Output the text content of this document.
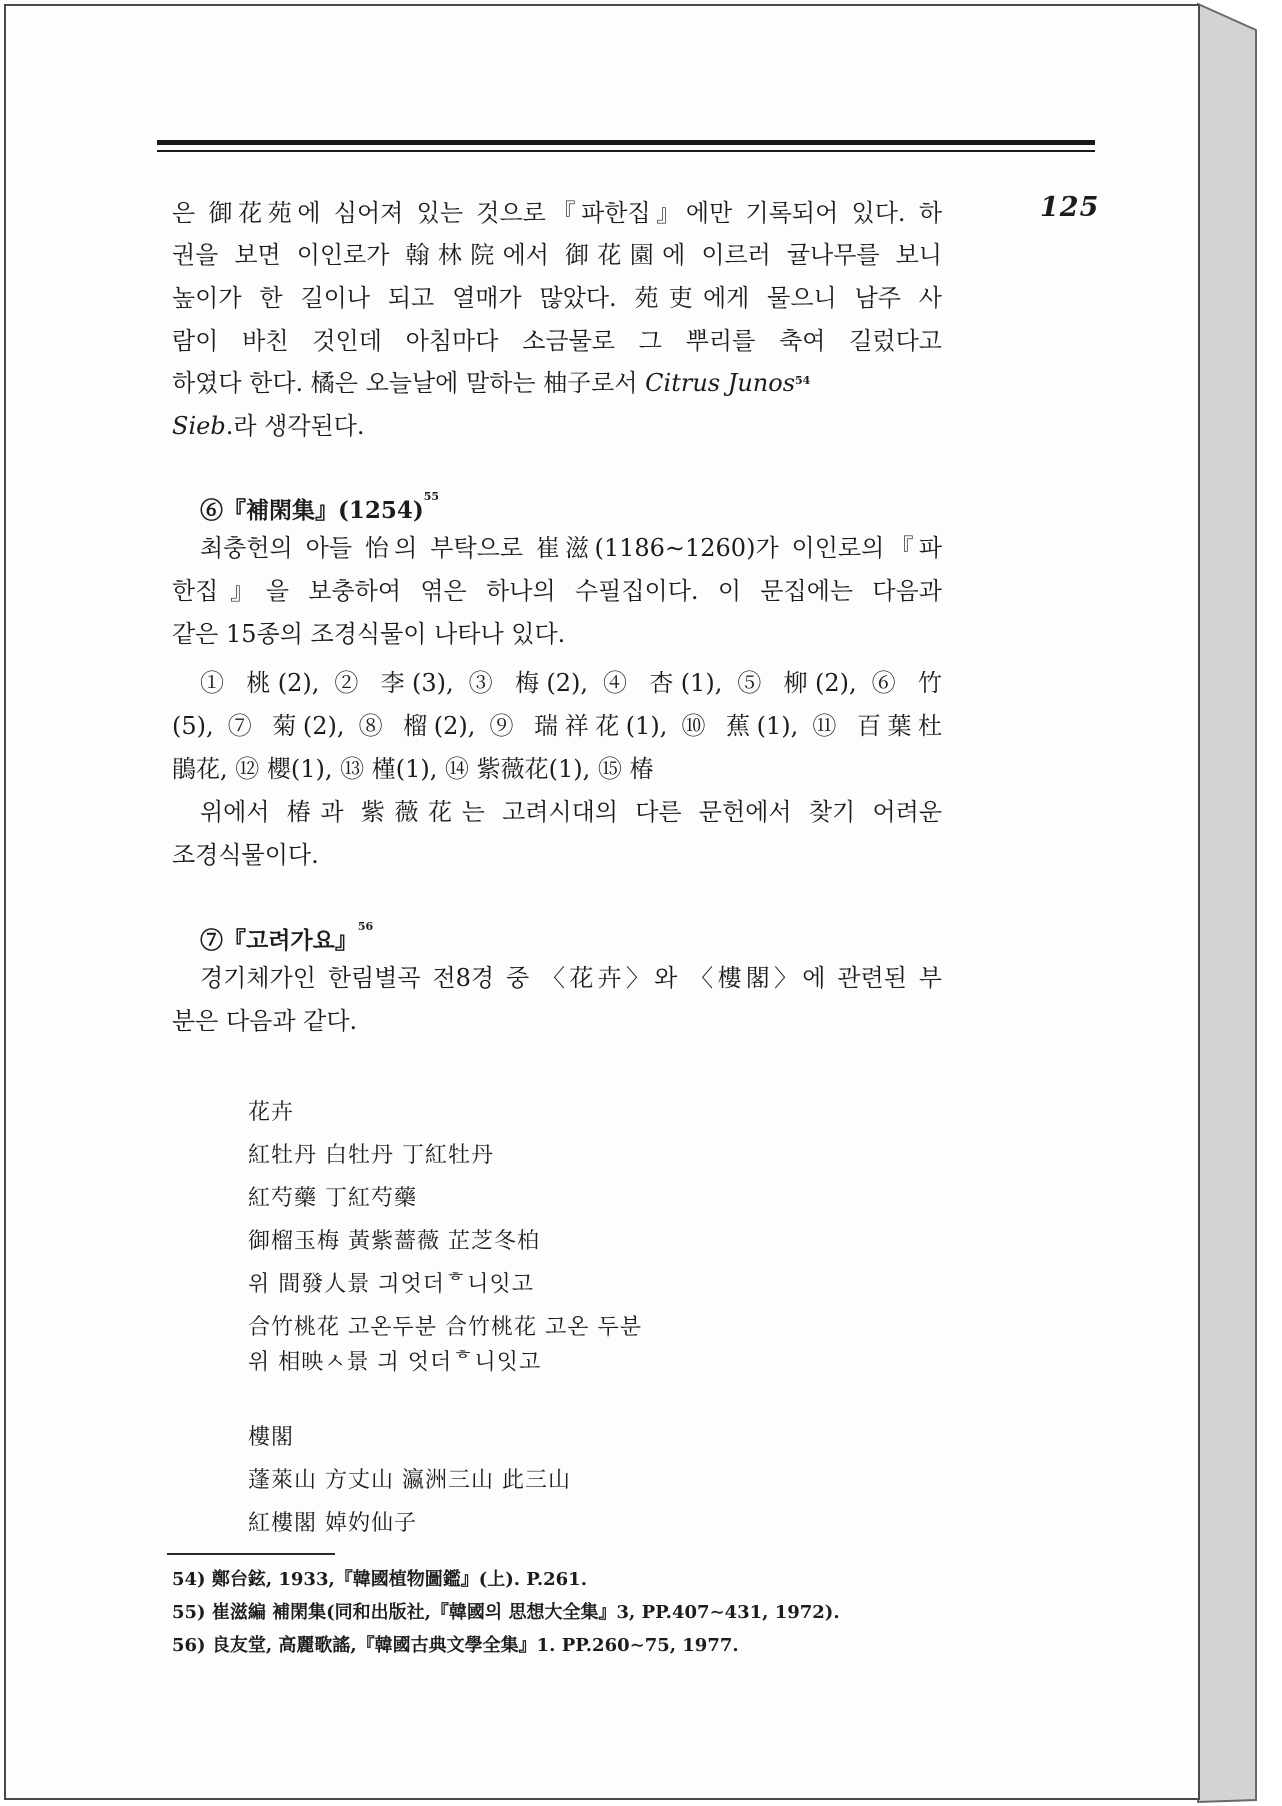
125
은 御花苑에 심어져 있는 것으로『파한집』에만 기록되어 있다. 하
권을 보면 이인로가 翰林院에서 御花園에 이르러 귤나무를 보니
높이가 한 길이나 되고 열매가 많았다. 苑吏에게 물으니 남주 사
람이 바친 것인데 아침마다 소금물로 그 뿌리를 축여 길렀다고
하였다 한다. 橘은 오늘날에 말하는 柚子로서 Citrus Junos$^{54}$
Sieb.라 생각된다.
⑥『補閑集』$(1254)^{55}$
최충헌의 아들 怡의 부탁으로 崔滋(1186∼1260)가 이인로의『파
한집』을 보충하여 엮은 하나의 수필집이다. 이 문집에는 다음과
같은 15종의 조경식물이 나타나 있다.
① 桃(2), ② 李(3), ③ 梅(2), ④ 杏(1), ⑤ 柳(2), ⑥ 竹
(5), ⑦ 菊(2), ⑧ 榴(2), ⑨ 瑞祥花(1), ⑩ 蕉(1), ⑪ 百葉杜
鵑花, ⑫ 櫻(1), ⑬ 槿(1), ⑭ 紫薇花(1), ⑮ 椿
위에서 椿과 紫薇花는 고려시대의 다른 문헌에서 찾기 어려운
조경식물이다.
⑦『고려가요』$^{56}$
경기체가인 한림별곡 전8경 중 〈花卉〉와 〈樓閣〉에 관련된 부
분은 다음과 같다.
花卉
紅牡丹 白牡丹 丁紅牡丹
紅芍藥 丁紅芍藥
御榴玉梅 黃紫薔薇 芷芝冬柏
위 間發人景 긔엇더ᄒ니잇고
合竹桃花 고온두분 合竹桃花 고온 두분
위 相映ㅅ景 긔 엇더ᄒ니잇고
樓閣
蓬萊山 方丈山 瀛洲三山 此三山
紅樓閣 婥妁仙子
54) 鄭台鉉, 1933,『韓國植物圖鑑』(上). P.261.
55) 崔滋編 補閑集(同和出版社,『韓國의 思想大全集』3, PP.407∼431, 1972).
56) 良友堂, 高麗歌謠,『韓國古典文學全集』1. PP.260∼75, 1977.
